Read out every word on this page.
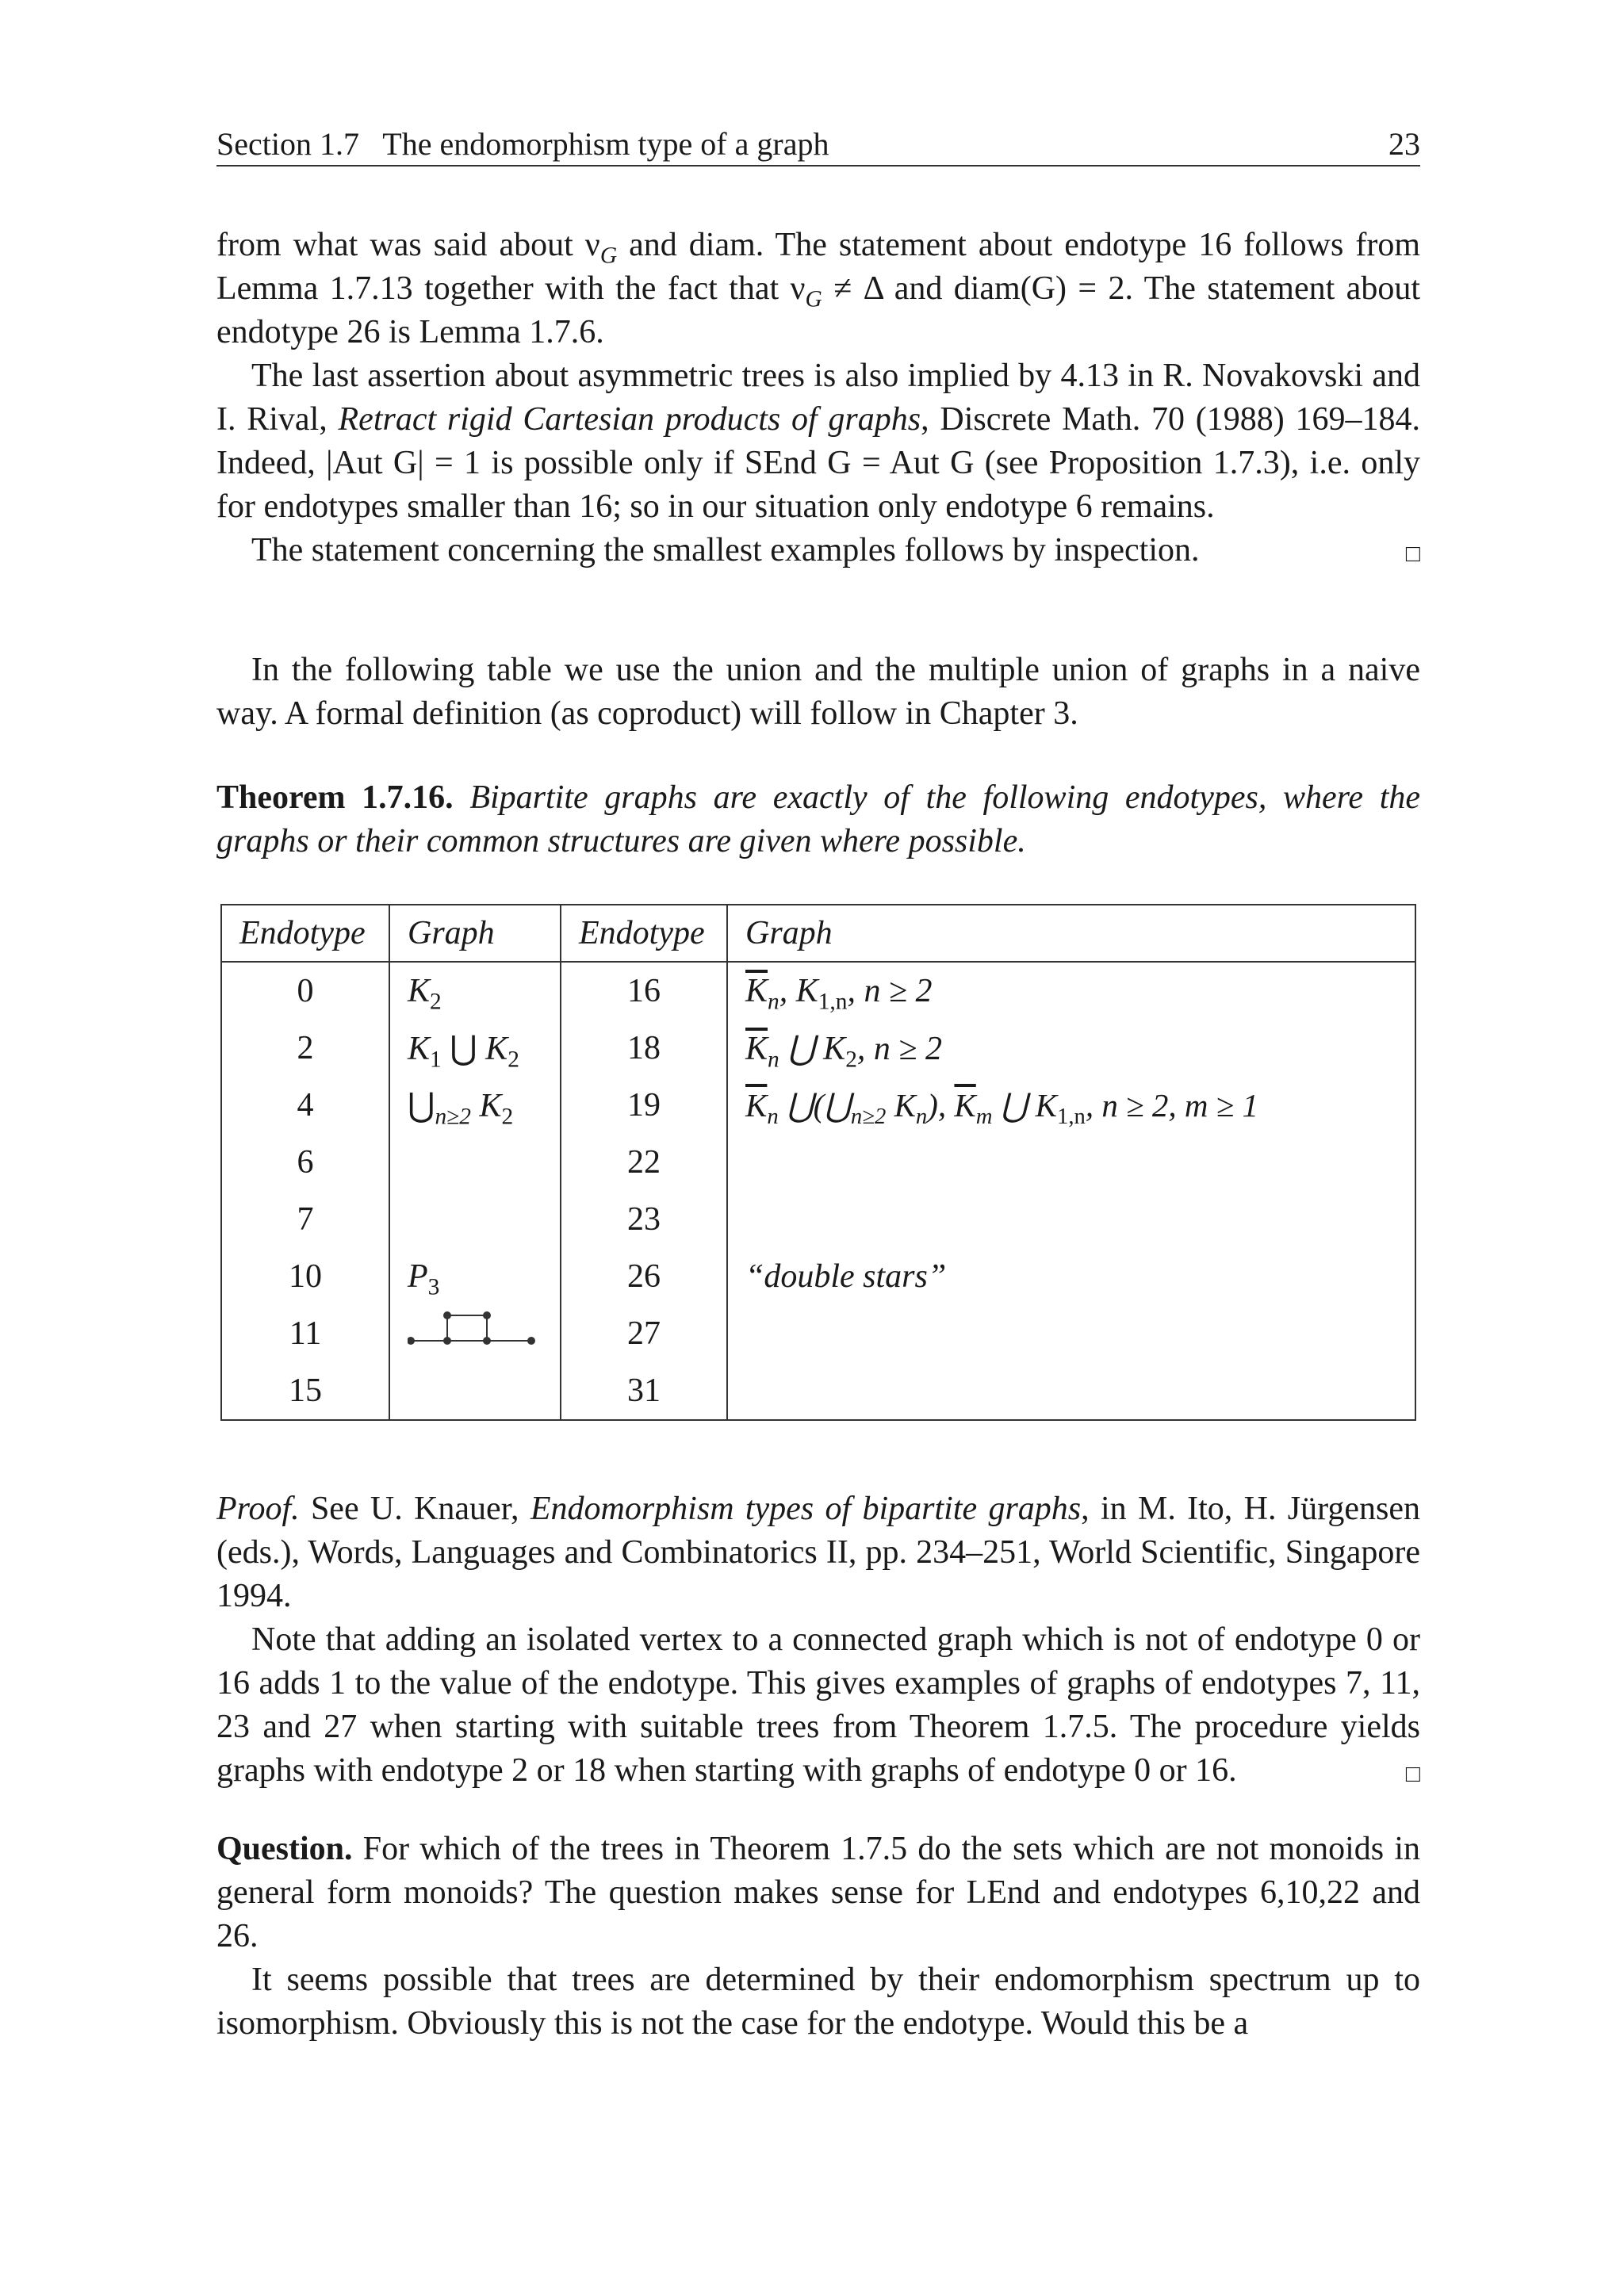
Section 1.7   The endomorphism type of a graph	23

from what was said about $\nu_G$ and diam. The statement about endotype 16 follows from Lemma 1.7.13 together with the fact that $\nu_G \ne \Delta$ and diam(G) = 2. The statement about endotype 26 is Lemma 1.7.6.

The last assertion about asymmetric trees is also implied by 4.13 in R. Novakovski and I. Rival, Retract rigid Cartesian products of graphs, Discrete Math. 70 (1988) 169–184. Indeed, |Aut G| = 1 is possible only if SEnd G = Aut G (see Proposition 1.7.3), i.e. only for endotypes smaller than 16; so in our situation only endotype 6 remains.

The statement concerning the smallest examples follows by inspection.	□

In the following table we use the union and the multiple union of graphs in a naive way. A formal definition (as coproduct) will follow in Chapter 3.

Theorem 1.7.16. Bipartite graphs are exactly of the following endotypes, where the graphs or their common structures are given where possible.

Endotype	Graph	Endotype	Graph
0	$K_2$	16	$\overline{K}_n$, $K_{1,n}$, n ≥ 2
2	$K_1$ ⋃ $K_2$	18	$\overline{K}_n$ ⋃ $K_2$, n ≥ 2
4	$⋃_{n\ge 2}$ $K_2$	19	$\overline{K}_n$ $⋃(⋃_{n\ge 2}$ $K_n$), $\overline{K}_m$ ⋃ $K_{1,n}$, n ≥ 2, m ≥ 1
6		22	
7		23	
10	$P_3$	26	“double stars”
11		27	
15		31	

Proof. See U. Knauer, Endomorphism types of bipartite graphs, in M. Ito, H. Jürgensen (eds.), Words, Languages and Combinatorics II, pp. 234–251, World Scientific, Singapore 1994.

Note that adding an isolated vertex to a connected graph which is not of endotype 0 or 16 adds 1 to the value of the endotype. This gives examples of graphs of endotypes 7, 11, 23 and 27 when starting with suitable trees from Theorem 1.7.5. The procedure yields graphs with endotype 2 or 18 when starting with graphs of endotype 0 or 16.	□

Question. For which of the trees in Theorem 1.7.5 do the sets which are not monoids in general form monoids? The question makes sense for LEnd and endotypes 6,10,22 and 26.

It seems possible that trees are determined by their endomorphism spectrum up to isomorphism. Obviously this is not the case for the endotype. Would this be a
